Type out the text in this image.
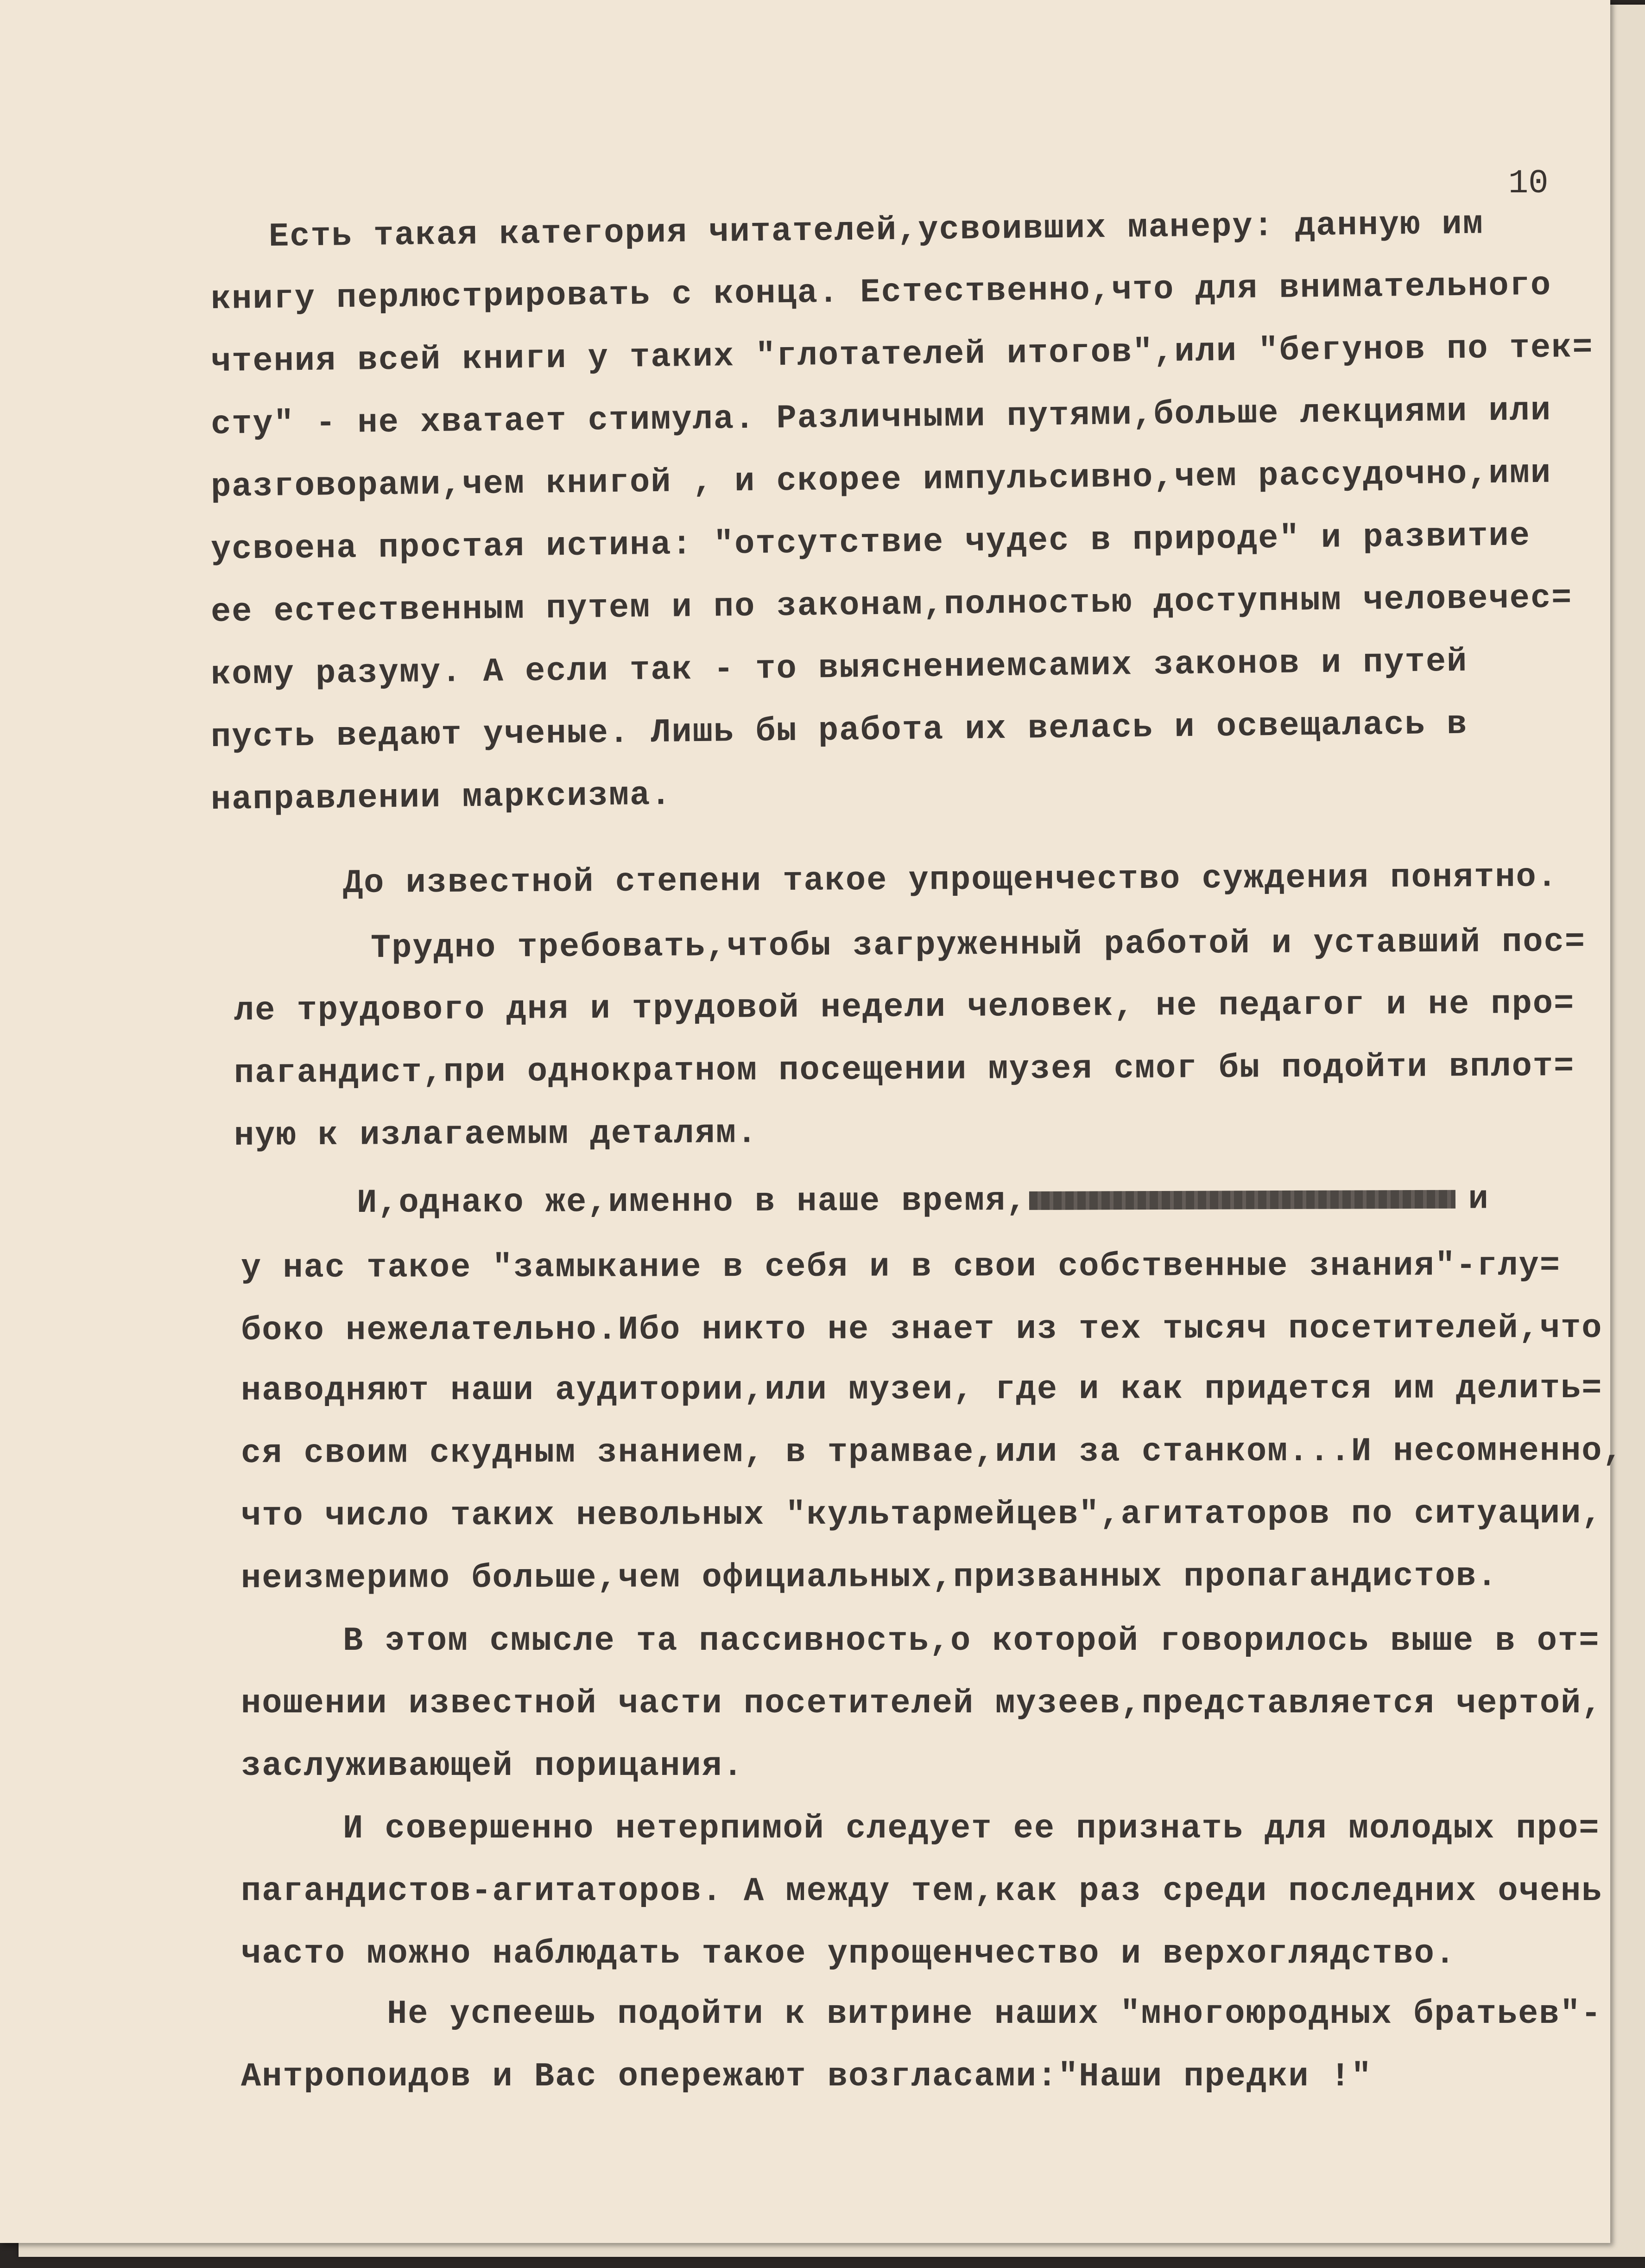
10
Есть такая категория читателей,усвоивших манеру: данную им
книгу перлюстрировать с конца. Естественно,что для внимательного
чтения всей книги у таких "глотателей итогов",или "бегунов по тек=
сту" - не хватает стимула. Различными путями,больше лекциями или
разговорами,чем книгой , и скорее импульсивно,чем рассудочно,ими
усвоена простая истина: "отсутствие чудес в природе" и развитие
ее естественным путем и по законам,полностью доступным человечес=
кому разуму. А если так - то выяснениемсамих законов и путей
пусть ведают ученые. Лишь бы работа их велась и освещалась в
направлении марксизма.
До известной степени такое упрощенчество суждения понятно.
Трудно требовать,чтобы загруженный работой и уставший пос=
ле трудового дня и трудовой недели человек, не педагог и не про=
пагандист,при однократном посещении музея смог бы подойти вплот=
ную к излагаемым деталям.
И,однако же,именно в наше время,	и
у нас такое "замыкание в себя и в свои собственные знания"-глу=
боко нежелательно.Ибо никто не знает из тех тысяч посетителей,что
наводняют наши аудитории,или музеи, где и как придется им делить=
ся своим скудным знанием, в трамвае,или за станком...И несомненно,
что число таких невольных "культармейцев",агитаторов по ситуации,
неизмеримо больше,чем официальных,призванных пропагандистов.
В этом смысле та пассивность,о которой говорилось выше в от=
ношении известной части посетителей музеев,представляется чертой,
заслуживающей порицания.
И совершенно нетерпимой следует ее признать для молодых про=
пагандистов-агитаторов. А между тем,как раз среди последних очень
часто можно наблюдать такое упрощенчество и верхоглядство.
Не успеешь подойти к витрине наших "многоюродных братьев"-
Антропоидов и Вас опережают возгласами:"Наши предки !"
